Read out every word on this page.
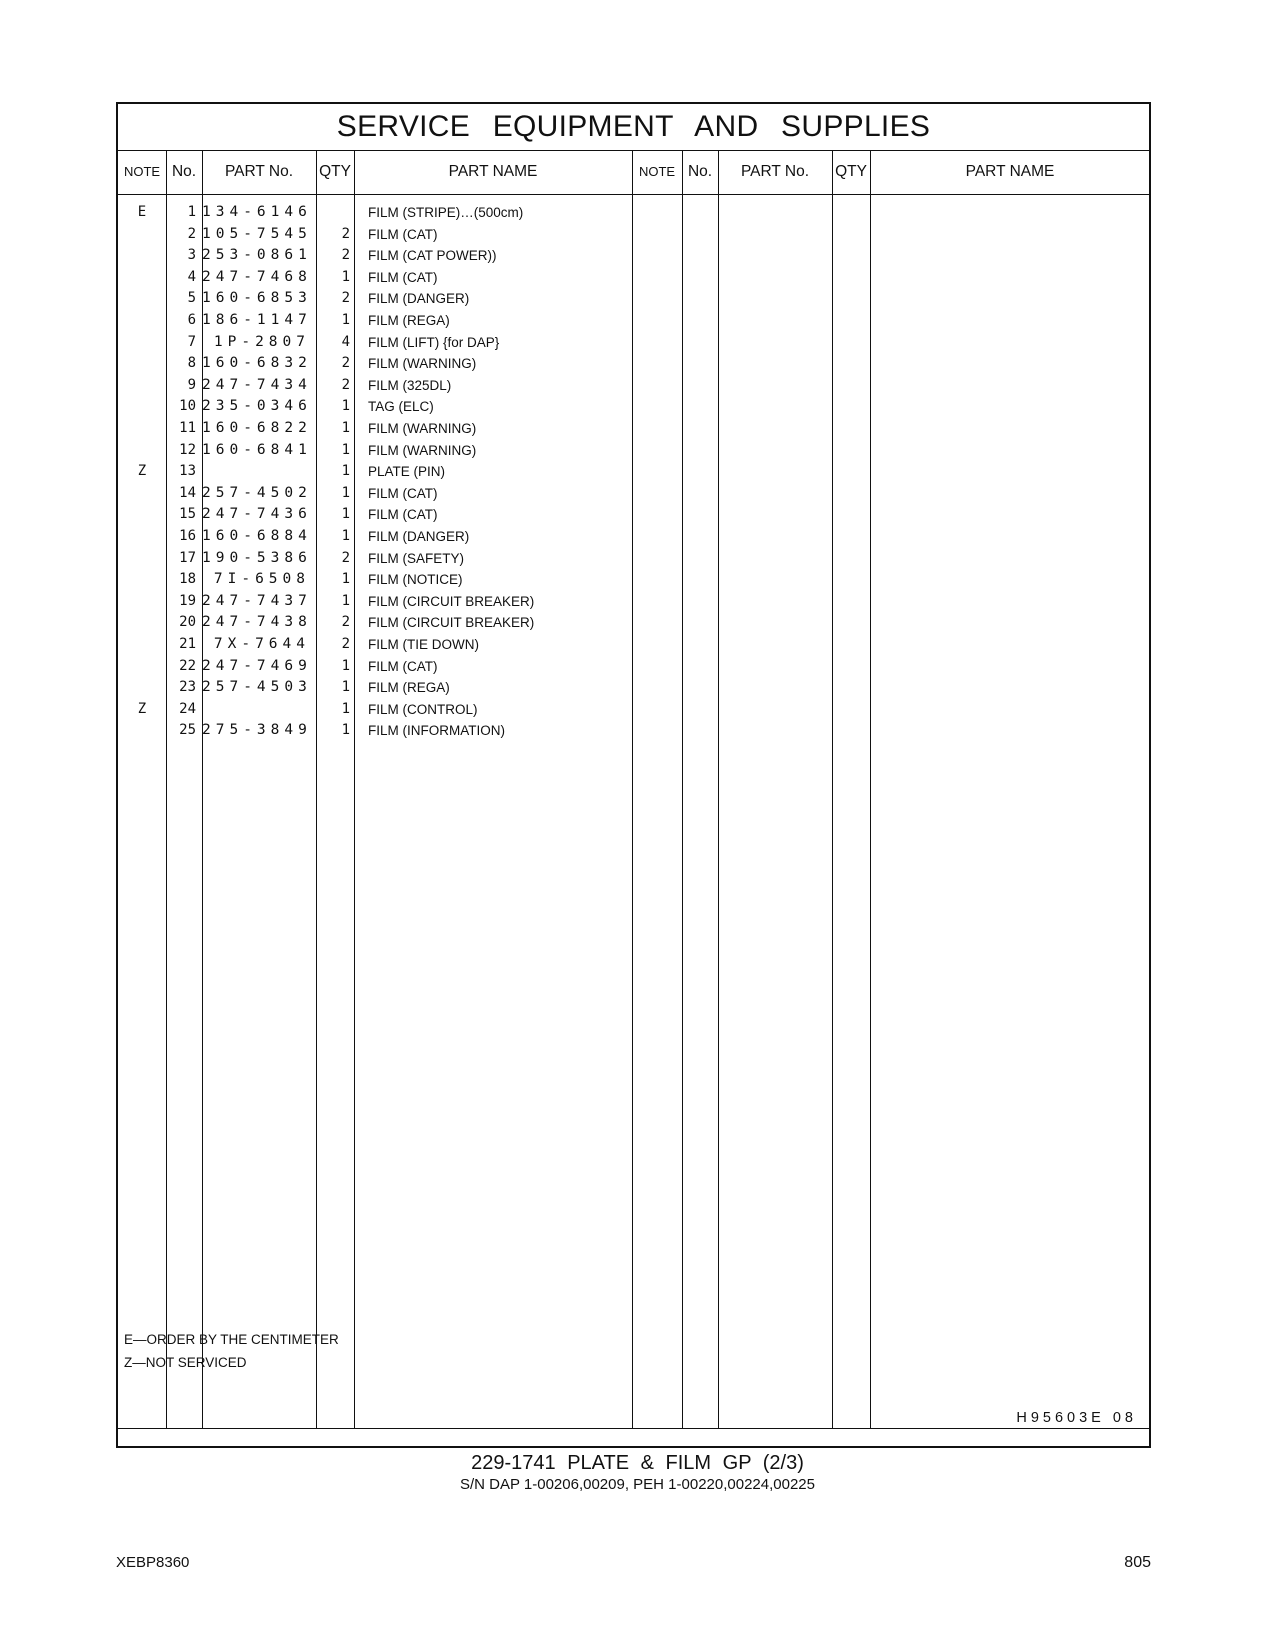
SERVICE EQUIPMENT AND SUPPLIES
NOTE No.	PART No.	QTY	PART NAME	NOTE No.	PART No.	QTY	PART NAME
E	1 134-6146	FILM (STRIPE)…(500cm)
2 105-7545	2 FILM (CAT)
3 253-0861	2 FILM (CAT POWER))
4 247-7468	1 FILM (CAT)
5 160-6853	2 FILM (DANGER)
6 186-1147	1 FILM (REGA)
7	1P-2807	4 FILM (LIFT) {for DAP}
8 160-6832	2 FILM (WARNING)
9 247-7434	2 FILM (325DL)
10 235-0346	1 TAG (ELC)
11 160-6822	1 FILM (WARNING)
12 160-6841	1 FILM (WARNING)
Z	13	1 PLATE (PIN)
14 257-4502	1 FILM (CAT)
15 247-7436	1 FILM (CAT)
16 160-6884	1 FILM (DANGER)
17 190-5386	2 FILM (SAFETY)
18	7I-6508	1 FILM (NOTICE)
19 247-7437	1 FILM (CIRCUIT BREAKER)
20 247-7438	2 FILM (CIRCUIT BREAKER)
21	7X-7644	2 FILM (TIE DOWN)
22 247-7469	1 FILM (CAT)
23 257-4503	1 FILM (REGA)
Z	24	1 FILM (CONTROL)
25 275-3849	1 FILM (INFORMATION)
E—ORDER BY THE CENTIMETER
Z—NOT SERVICED
H95603E 08
229‑1741 PLATE & FILM GP (2/3)
S/N DAP 1‑00206,00209, PEH 1‑00220,00224,00225
XEBP8360	805
